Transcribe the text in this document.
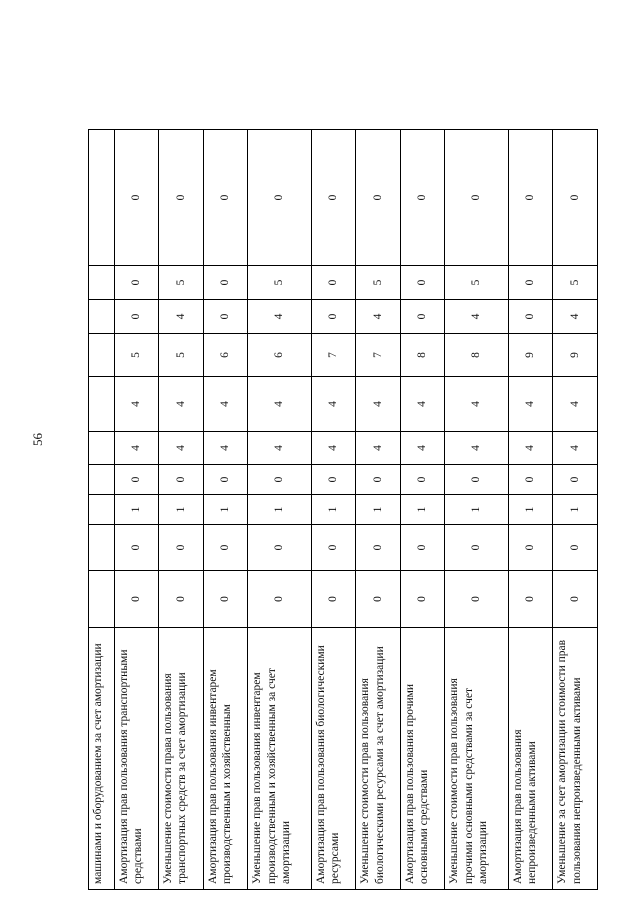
56
машинами и оборудованием за счет амортизации										
Амортизация прав пользования транспортными средствами	0	0	1	0	4	4	5	0	0	0
Уменьшение стоимости права пользования транспортных средств за счет амортизации	0	0	1	0	4	4	5	4	5	0
Амортизация прав пользования инвентарем производственным и хозяйственным	0	0	1	0	4	4	6	0	0	0
Уменьшение прав пользования инвентарем производственным и хозяйственным за счет амортизации	0	0	1	0	4	4	6	4	5	0
Амортизация прав пользования биологическими ресурсами	0	0	1	0	4	4	7	0	0	0
Уменьшение стоимости прав пользования биологическими ресурсами за счет амортизации	0	0	1	0	4	4	7	4	5	0
Амортизация прав пользования прочими основными средствами	0	0	1	0	4	4	8	0	0	0
Уменьшение стоимости прав пользования прочими основными средствами за счет амортизации	0	0	1	0	4	4	8	4	5	0
Амортизация прав пользования непроизведенными активами	0	0	1	0	4	4	9	0	0	0
Уменьшение за счет амортизации стоимости прав пользования непроизведенными активами	0	0	1	0	4	4	9	4	5	0
